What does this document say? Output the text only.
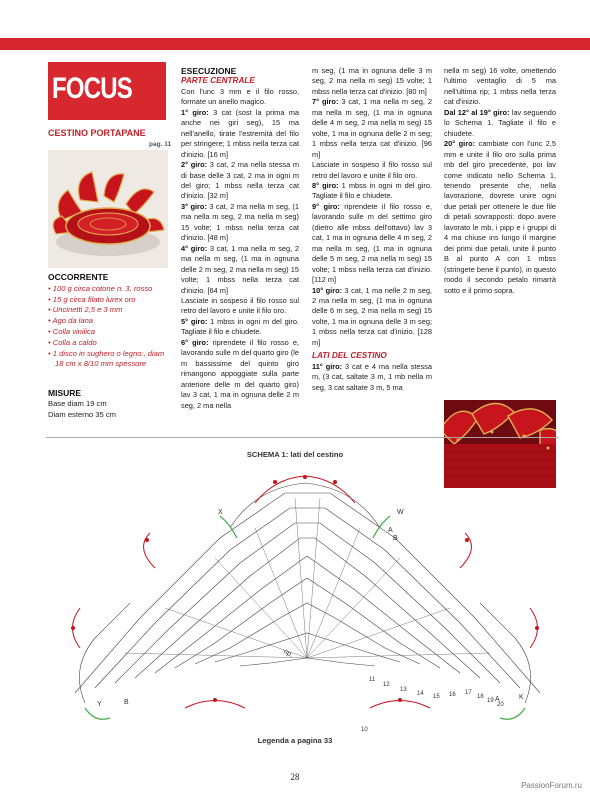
FOCUS
CESTINO PORTAPANE
pag. 11
OCCORRENTE
• 100 g circa cotone n. 3, rosso
• 15 g circa filato lurex oro
• Uncinetti 2,5 e 3 mm
• Ago da lana
• Colla vinilica
• Colla a caldo
• 1 disco in sughero o legno:, diam 18 cm x 8/10 mm spessore
MISURE
Base diam 19 cm
Diam esterno 35 cm
ESECUZIONE
PARTE CENTRALE

Con l'unc 3 mm e il filo rosso, formate un anello magico.

1° giro: 3 cat (sost la prima ma anche nei giri seg), 15 ma nell'anello, tirate l'estremità del filo per stringere; 1 mbss nella terza cat d'inizio. [16 m]

2° giro: 3 cat, 2 ma nella stessa m di base delle 3 cat, 2 ma in ogni m del giro; 1 mbss nella terza cat d'inizio. [32 m]

3° giro: 3 cat, 2 ma nella m seg, (1 ma nella m seg, 2 ma nella m seg) 15 volte; 1 mbss nella terza cat d'inizio. [48 m]

4° giro: 3 cat, 1 ma nella m seg, 2 ma nella m seg, (1 ma in ognuna delle 2 m seg, 2 ma nella m seg) 15 volte; 1 mbss nella terza cat d'inizio. [64 m]

Lasciate in sospeso il filo rosso sul retro del lavoro e unite il filo oro.

5° giro: 1 mbss in ogni m del giro. Tagliate il filo e chiudete.

6° giro: riprendete il filo rosso e, lavorando sulle m del quarto giro (le m bassissime del quinto giro rimangono appoggiate sulla parte anteriore delle m del quarto giro) lav 3 cat, 1 ma in ognuna delle 2 m seg, 2 ma nella

m seg, (1 ma in ognuna delle 3 m seg, 2 ma nella m seg) 15 volte; 1 mbss nella terza cat d'inizio. [80 m]

7° giro: 3 cat, 1 ma nella m seg, 2 ma nella m seg, (1 ma in ognuna delle 4 m seg, 2 ma nella m seg) 15 volte, 1 ma in ognuna delle 2 m seg; 1 mbss nella terza cat d'inizio. [96 m]

Lasciate in sospeso il filo rosso sul retro del lavoro e unite il filo oro.

8° giro: 1 mbss in ogni m del giro. Tagliate il filo e chiudete.

9° giro: riprendete il filo rosso e, lavorando sulle m del settimo giro (dietro alle mbss dell'ottavo) lav 3 cat, 1 ma in ognuna delle 4 m seg, 2 ma nella m seg, (1 ma in ognuna delle 5 m seg, 2 ma nella m seg) 15 volte; 1 mbss nella terza cat d'inizio. [112 m]

10° giro: 3 cat, 1 ma nelle 2 m seg, 2 ma nella m seg, (1 ma in ognuna delle 6 m seg, 2 ma nella m seg) 15 volte, 1 ma in ognuna delle 3 m seg; 1 mbss nella terza cat d'inizio. [128 m]

LATI DEL CESTINO

11° giro: 3 cat e 4 ma nella stessa m, (3 cat, saltate 3 m, 1 mb nella m seg, 3 cat saltate 3 m, 5 ma

nella m seg) 16 volte, omettendo l'ultimo ventaglio di 5 ma nell'ultima rip; 1 mbss nella terza cat d'inizio.

Dal 12° al 19° giro: lav seguendo lo Schema 1. Tagliate il filo e chiudete.

20° giro: cambiate con l'unc 2,5 mm e unite il filo oro sulla prima mb del giro precedente, poi lav come indicato nello Schema 1, tenendo presente che, nella lavorazione, dovrete unire ogni due petali per ottenere le due file di petali sovrapposti: dopo avere lavorato le mb, i pipp e i gruppi di 4 ma chiuse ins lungo il margine dei primi due petali, unite il punto B al punto A con 1 mbss (stringete bene il punto), in questo modo il secondo petalo rimarrà sotto e il primo sopra.

SCHEMA 1: lati del cestino
X	W
A
B
A
B
Y
K
rip.
10
11
12
13
14 15 16 17
18
19
20
Legenda a pagina 33
28
PassionForum.ru
